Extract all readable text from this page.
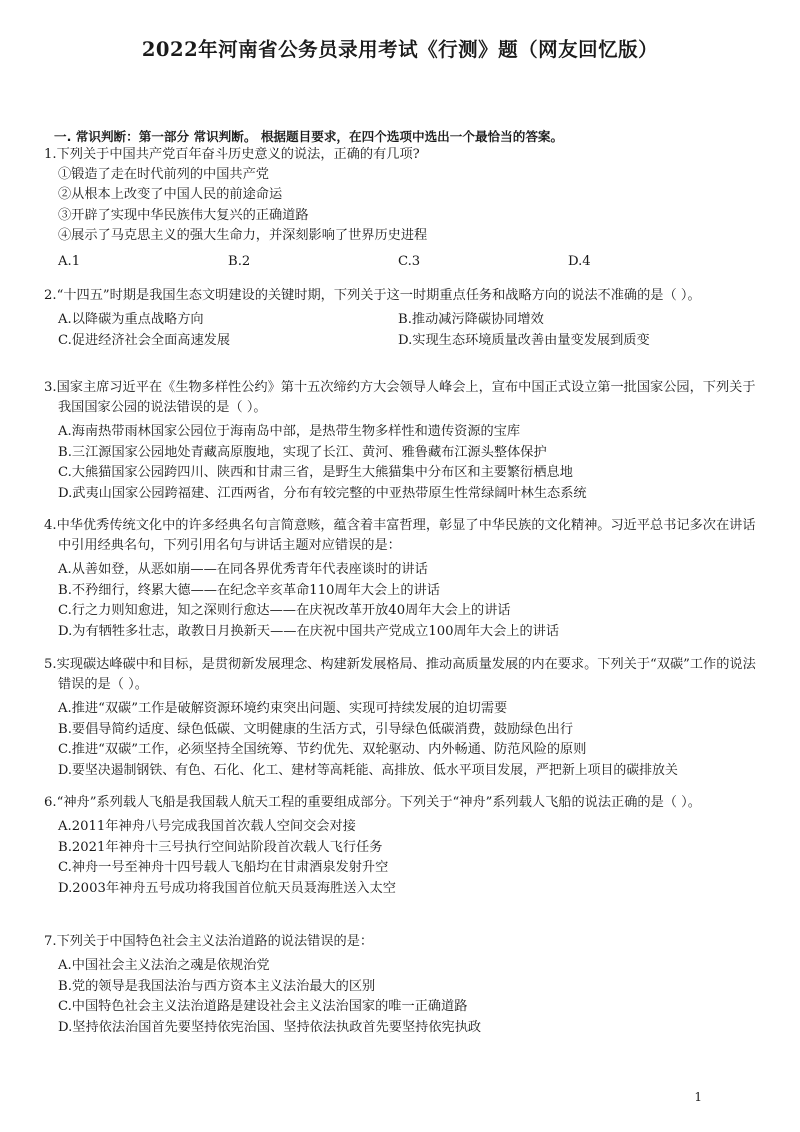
2022年河南省公务员录用考试《行测》题（网友回忆版）
一. 常识判断：第一部分 常识判断。 根据题目要求，在四个选项中选出一个最恰当的答案。
1.下列关于中国共产党百年奋斗历史意义的说法，正确的有几项?
①锻造了走在时代前列的中国共产党
②从根本上改变了中国人民的前途命运
③开辟了实现中华民族伟大复兴的正确道路
④展示了马克思主义的强大生命力，并深刻影响了世界历史进程
A.1	B.2	C.3	D.4
2.“十四五”时期是我国生态文明建设的关键时期，下列关于这一时期重点任务和战略方向的说法不准确的是（ ）。
A.以降碳为重点战略方向	B.推动减污降碳协同增效
C.促进经济社会全面高速发展	D.实现生态环境质量改善由量变发展到质变
3.国家主席习近平在《生物多样性公约》第十五次缔约方大会领导人峰会上，宣布中国正式设立第一批国家公园，下列关于我国国家公园的说法错误的是（ ）。
A.海南热带雨林国家公园位于海南岛中部，是热带生物多样性和遗传资源的宝库
B.三江源国家公园地处青藏高原腹地，实现了长江、黄河、雅鲁藏布江源头整体保护
C.大熊猫国家公园跨四川、陕西和甘肃三省，是野生大熊猫集中分布区和主要繁衍栖息地
D.武夷山国家公园跨福建、江西两省，分布有较完整的中亚热带原生性常绿阔叶林生态系统
4.中华优秀传统文化中的许多经典名句言简意赅，蕴含着丰富哲理，彰显了中华民族的文化精神。习近平总书记多次在讲话中引用经典名句，下列引用名句与讲话主题对应错误的是：
A.从善如登，从恶如崩——在同各界优秀青年代表座谈时的讲话
B.不矜细行，终累大德——在纪念辛亥革命110周年大会上的讲话
C.行之力则知愈进，知之深则行愈达——在庆祝改革开放40周年大会上的讲话
D.为有牺牲多壮志，敢教日月换新天——在庆祝中国共产党成立100周年大会上的讲话
5.实现碳达峰碳中和目标，是贯彻新发展理念、构建新发展格局、推动高质量发展的内在要求。下列关于“双碳”工作的说法错误的是（ ）。
A.推进“双碳”工作是破解资源环境约束突出问题、实现可持续发展的迫切需要
B.要倡导简约适度、绿色低碳、文明健康的生活方式，引导绿色低碳消费，鼓励绿色出行
C.推进“双碳”工作，必须坚持全国统筹、节约优先、双轮驱动、内外畅通、防范风险的原则
D.要坚决遏制钢铁、有色、石化、化工、建材等高耗能、高排放、低水平项目发展，严把新上项目的碳排放关
6.“神舟”系列载人飞船是我国载人航天工程的重要组成部分。下列关于“神舟”系列载人飞船的说法正确的是（ ）。
A.2011年神舟八号完成我国首次载人空间交会对接
B.2021年神舟十三号执行空间站阶段首次载人飞行任务
C.神舟一号至神舟十四号载人飞船均在甘肃酒泉发射升空
D.2003年神舟五号成功将我国首位航天员聂海胜送入太空
7.下列关于中国特色社会主义法治道路的说法错误的是：
A.中国社会主义法治之魂是依规治党
B.党的领导是我国法治与西方资本主义法治最大的区别
C.中国特色社会主义法治道路是建设社会主义法治国家的唯一正确道路
D.坚持依法治国首先要坚持依宪治国、坚持依法执政首先要坚持依宪执政
1
